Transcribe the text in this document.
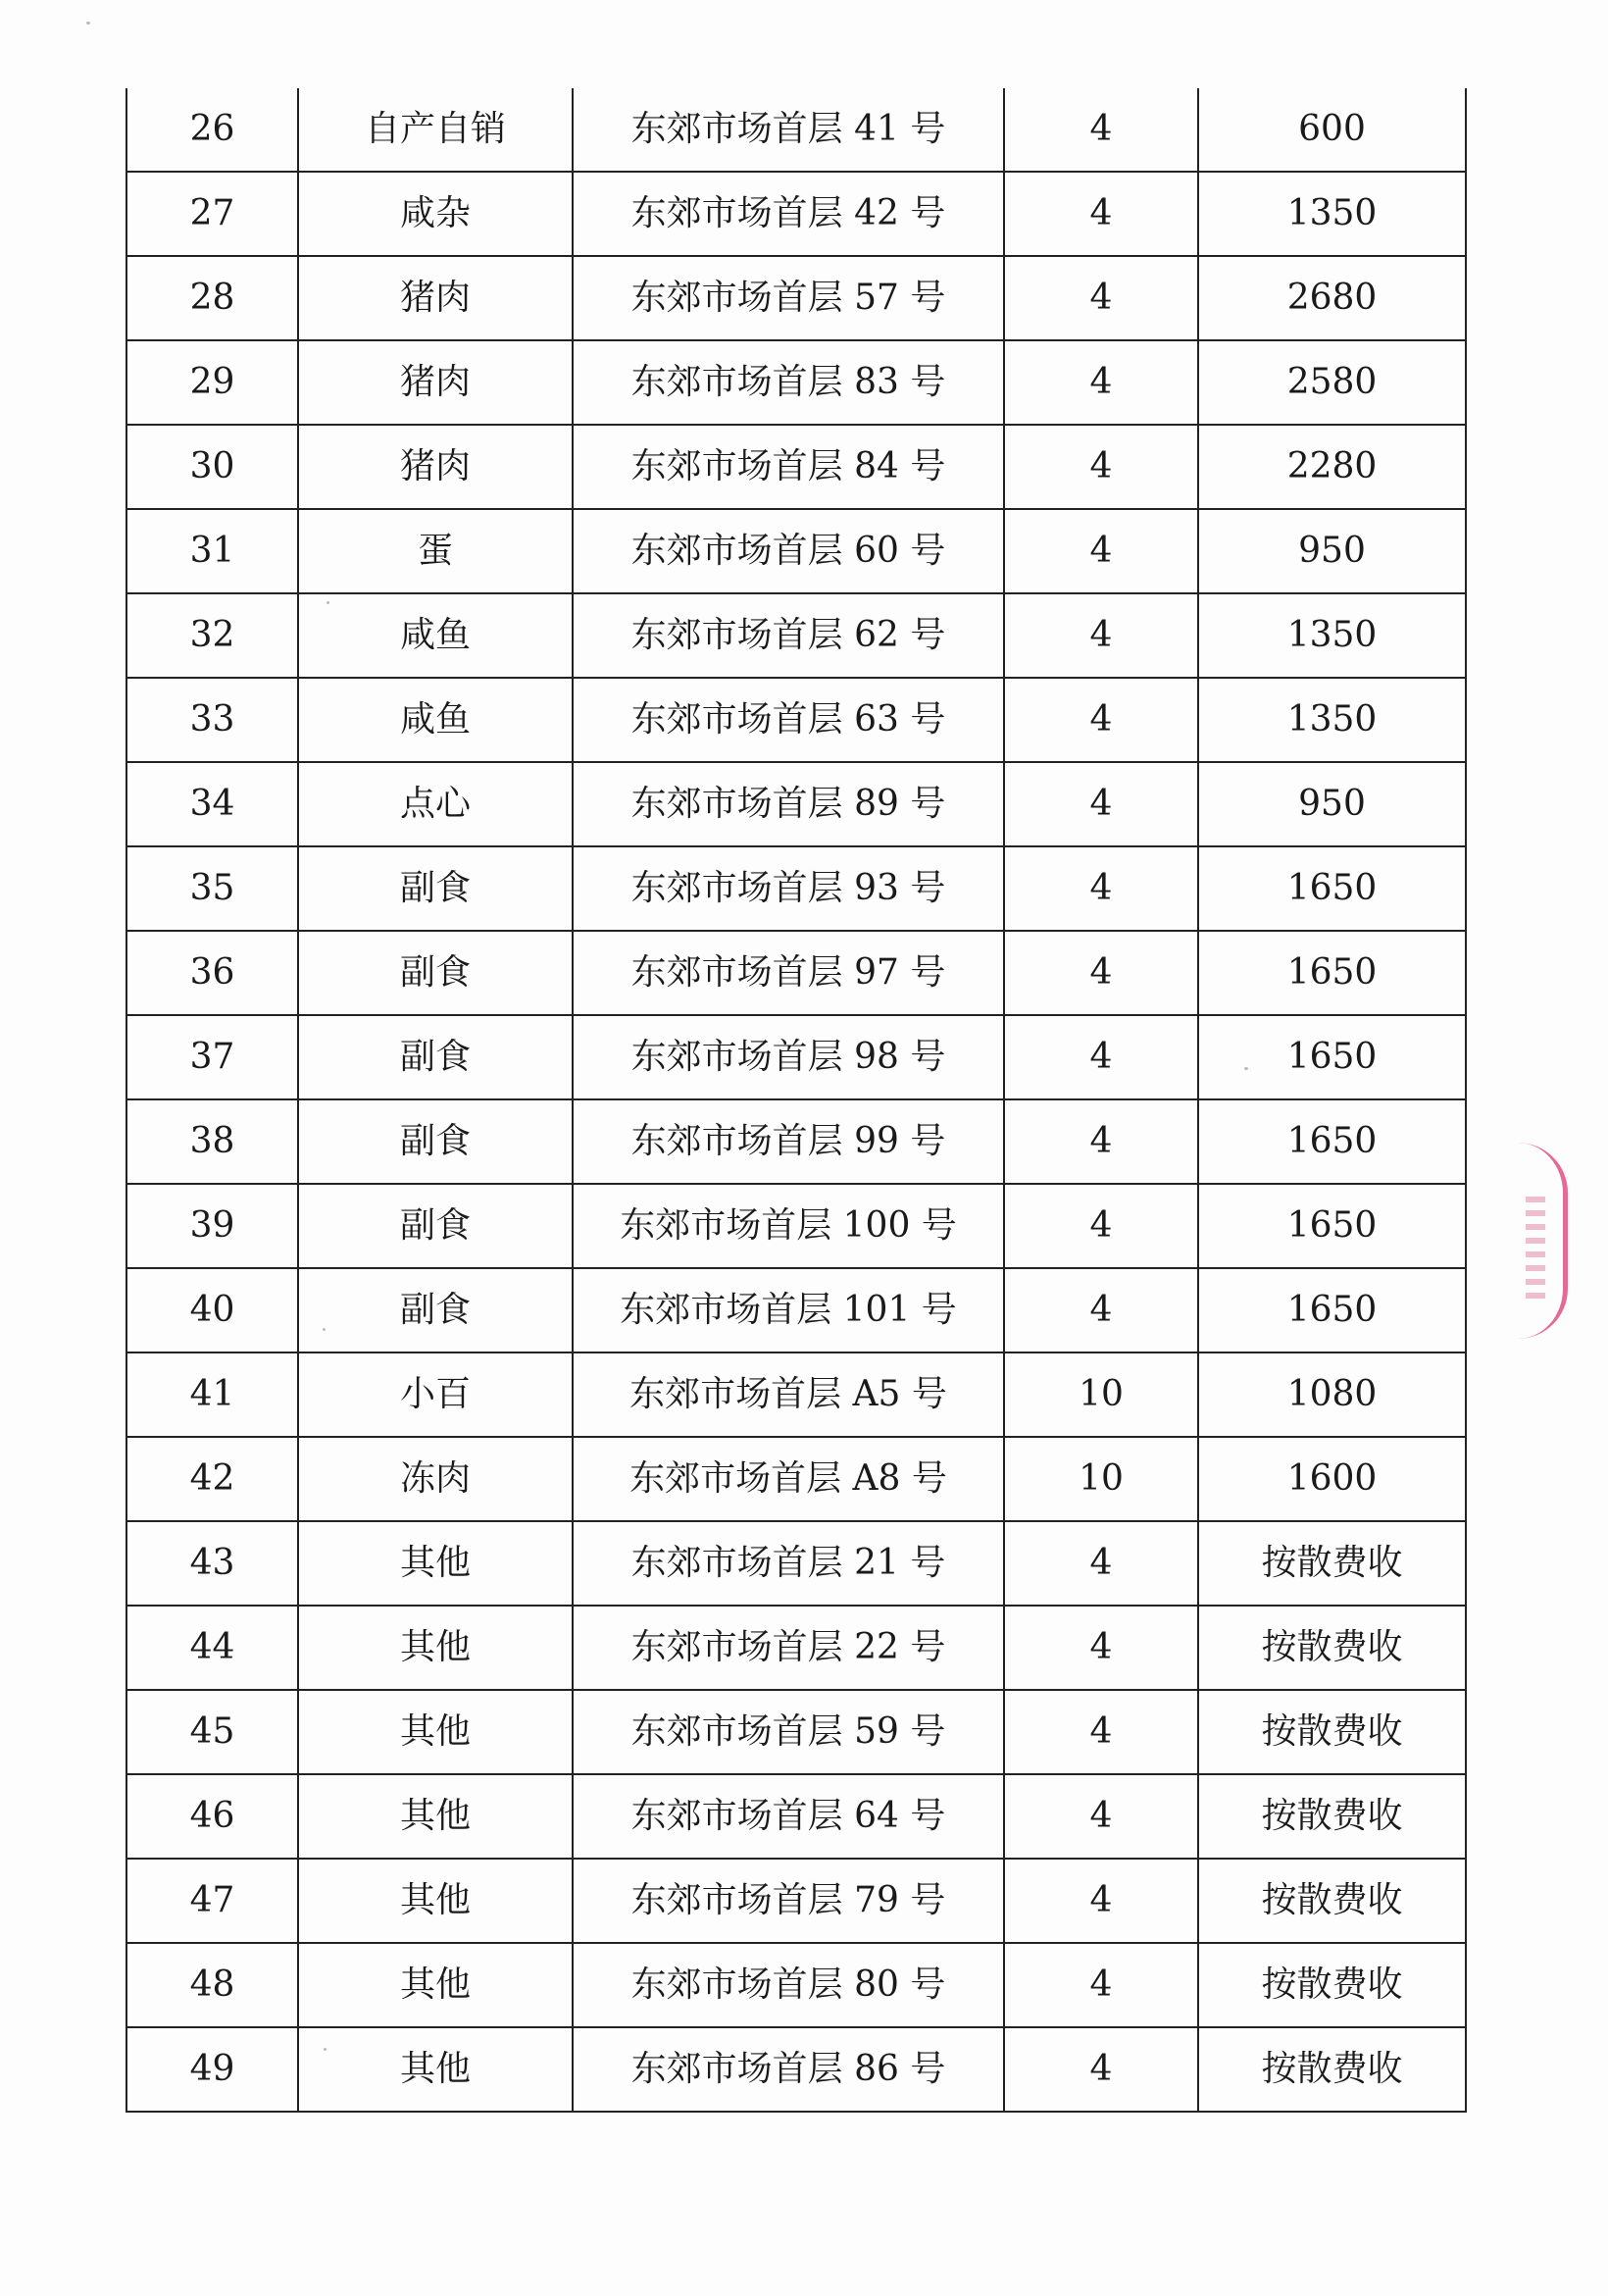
26	自产自销	东郊市场首层 41 号	4	600
27	咸杂	东郊市场首层 42 号	4	1350
28	猪肉	东郊市场首层 57 号	4	2680
29	猪肉	东郊市场首层 83 号	4	2580
30	猪肉	东郊市场首层 84 号	4	2280
31	蛋	东郊市场首层 60 号	4	950
32	咸鱼	东郊市场首层 62 号	4	1350
33	咸鱼	东郊市场首层 63 号	4	1350
34	点心	东郊市场首层 89 号	4	950
35	副食	东郊市场首层 93 号	4	1650
36	副食	东郊市场首层 97 号	4	1650
37	副食	东郊市场首层 98 号	4	1650
38	副食	东郊市场首层 99 号	4	1650
39	副食	东郊市场首层 100 号	4	1650
40	副食	东郊市场首层 101 号	4	1650
41	小百	东郊市场首层 A5 号	10	1080
42	冻肉	东郊市场首层 A8 号	10	1600
43	其他	东郊市场首层 21 号	4	按散费收
44	其他	东郊市场首层 22 号	4	按散费收
45	其他	东郊市场首层 59 号	4	按散费收
46	其他	东郊市场首层 64 号	4	按散费收
47	其他	东郊市场首层 79 号	4	按散费收
48	其他	东郊市场首层 80 号	4	按散费收
49	其他	东郊市场首层 86 号	4	按散费收
